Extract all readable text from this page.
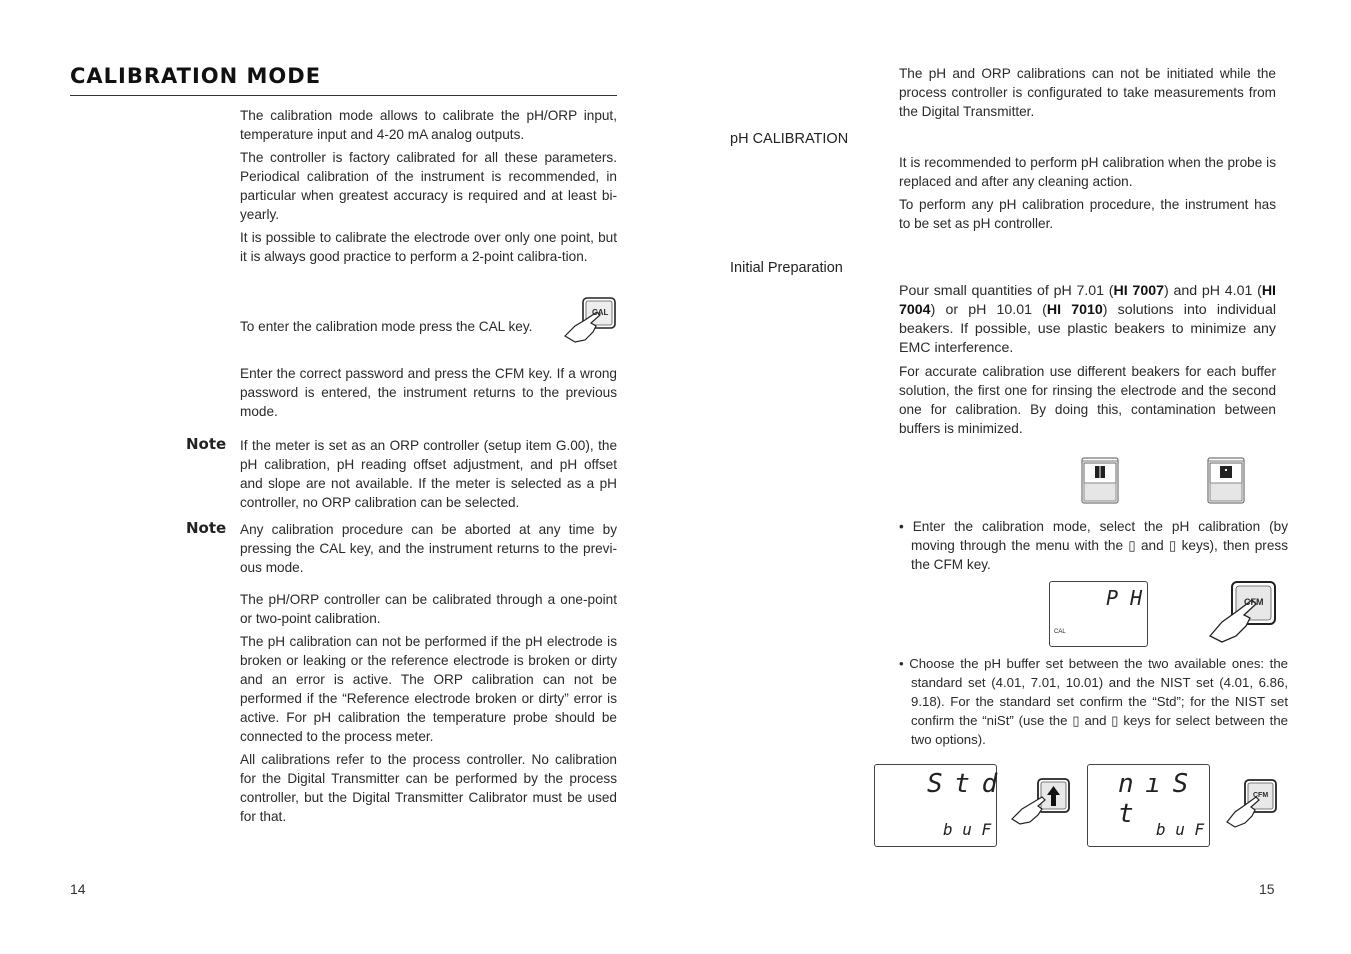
CALIBRATION MODE

The calibration mode allows to calibrate the pH/ORP input, temperature input and 4-20 mA analog outputs.

The controller is factory calibrated for all these parameters. Periodical calibration of the instrument is recommended, in particular when greatest accuracy is required and at least bi-yearly.

It is possible to calibrate the electrode over only one point, but it is always good practice to perform a 2-point calibra-tion.

To enter the calibration mode press the CAL key.

CAL

Enter the correct password and press the CFM key. If a wrong password is entered, the instrument returns to the previous mode.

Note If the meter is set as an ORP controller (setup item G.00), the pH calibration, pH reading offset adjustment, and pH offset and slope are not available. If the meter is selected as a pH controller, no ORP calibration can be selected.

Note Any calibration procedure can be aborted at any time by pressing the CAL key, and the instrument returns to the previ-ous mode.

The pH/ORP controller can be calibrated through a one-point or two-point calibration.

The pH calibration can not be performed if the pH electrode is broken or leaking or the reference electrode is broken or dirty and an error is active. The ORP calibration can not be performed if the “Reference electrode broken or dirty” error is active. For pH calibration the temperature probe should be connected to the process meter.

All calibrations refer to the process controller. No calibration for the Digital Transmitter can be performed by the process controller, but the Digital Transmitter Calibrator must be used for that.

14

The pH and ORP calibrations can not be initiated while the process controller is configurated to take measurements from the Digital Transmitter.

pH CALIBRATION

It is recommended to perform pH calibration when the probe is replaced and after any cleaning action.

To perform any pH calibration procedure, the instrument has to be set as pH controller.

Initial Preparation

Pour small quantities of pH 7.01 (HI 7007) and pH 4.01 (HI 7004) or pH 10.01 (HI 7010) solutions into individual beakers. If possible, use plastic beakers to minimize any EMC interference.

For accurate calibration use different beakers for each buffer solution, the first one for rinsing the electrode and the second one for calibration. By doing this, contamination between buffers is minimized.

• Enter the calibration mode, select the pH calibration (by moving through the menu with the ▯ and ▯ keys), then press the CFM key.

P H
CAL
CFM

• Choose the pH buffer set between the two available ones: the standard set (4.01, 7.01, 10.01) and the NIST set (4.01, 6.86, 9.18). For the standard set confirm the “Std”; for the NIST set confirm the “niSt” (use the ▯ and ▯ keys for select between the two options).

S t d
b u F
n ı S t
b u F
CFM
15
